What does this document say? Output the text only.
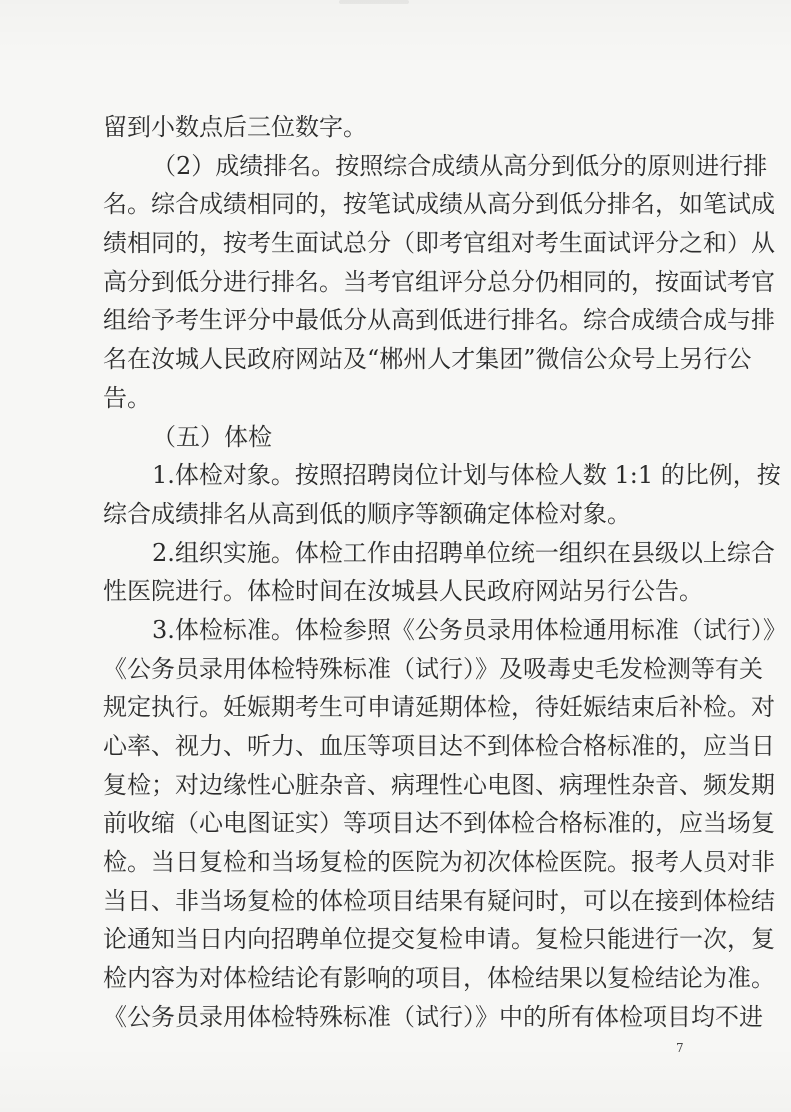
留到小数点后三位数字。
（2）成绩排名。按照综合成绩从高分到低分的原则进行排
名。综合成绩相同的，按笔试成绩从高分到低分排名，如笔试成
绩相同的，按考生面试总分（即考官组对考生面试评分之和）从
高分到低分进行排名。当考官组评分总分仍相同的，按面试考官
组给予考生评分中最低分从高到低进行排名。综合成绩合成与排
名在汝城人民政府网站及“郴州人才集团”微信公众号上另行公
告。
（五）体检
1.体检对象。按照招聘岗位计划与体检人数 1:1 的比例，按
综合成绩排名从高到低的顺序等额确定体检对象。
2.组织实施。体检工作由招聘单位统一组织在县级以上综合
性医院进行。体检时间在汝城县人民政府网站另行公告。
3.体检标准。体检参照《公务员录用体检通用标准（试行）》
《公务员录用体检特殊标准（试行）》及吸毒史毛发检测等有关
规定执行。妊娠期考生可申请延期体检，待妊娠结束后补检。对
心率、视力、听力、血压等项目达不到体检合格标准的，应当日
复检；对边缘性心脏杂音、病理性心电图、病理性杂音、频发期
前收缩（心电图证实）等项目达不到体检合格标准的，应当场复
检。当日复检和当场复检的医院为初次体检医院。报考人员对非
当日、非当场复检的体检项目结果有疑问时，可以在接到体检结
论通知当日内向招聘单位提交复检申请。复检只能进行一次，复
检内容为对体检结论有影响的项目，体检结果以复检结论为准。
《公务员录用体检特殊标准（试行）》中的所有体检项目均不进
7
